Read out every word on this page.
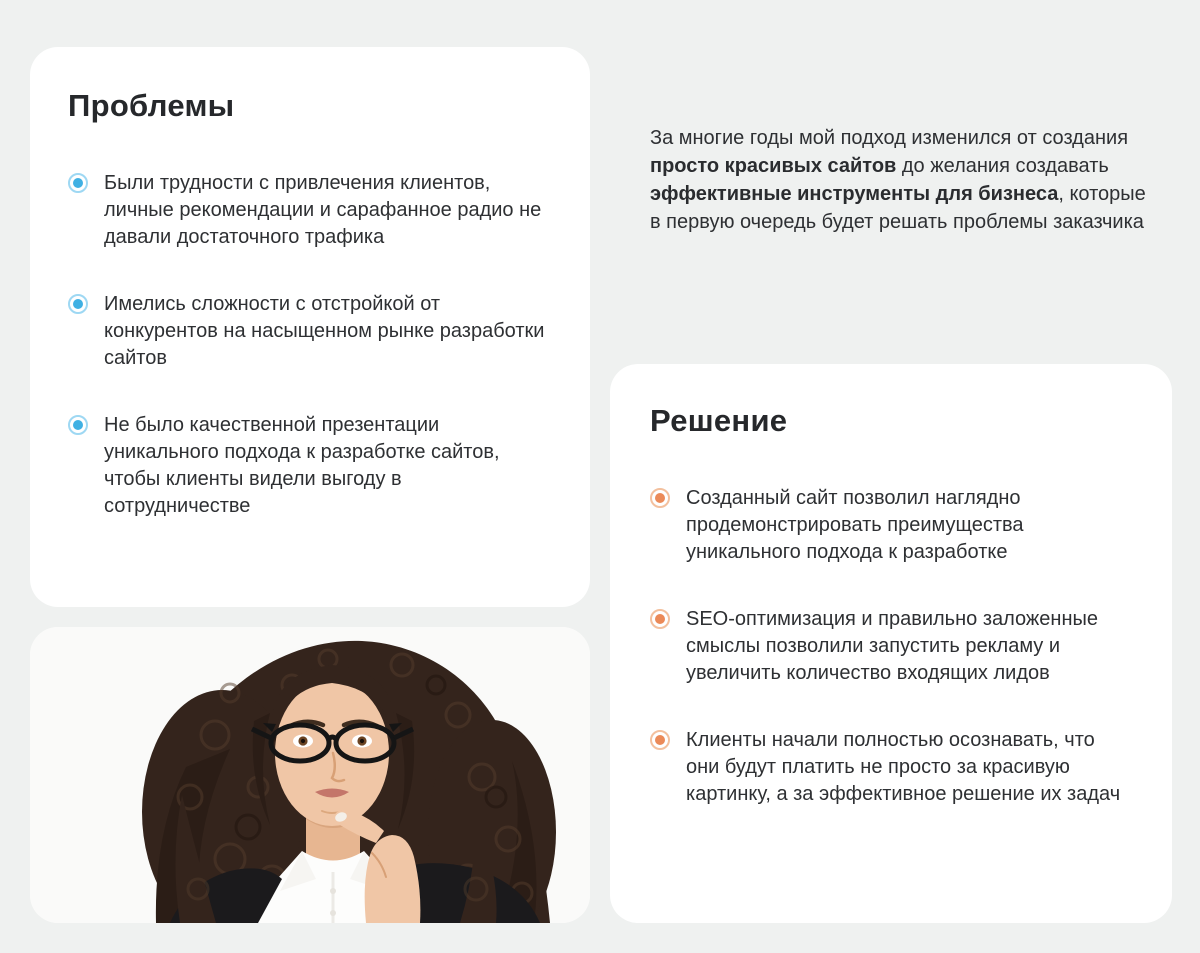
Проблемы
Были трудности с привлечения клиентов, личные рекомендации и сарафанное радио не давали достаточного трафика
Имелись сложности с отстройкой от конкурентов на насыщенном рынке разработки сайтов
Не было качественной презентации уникального подхода к разработке сайтов, чтобы клиенты видели выгоду в сотрудничестве

За многие годы мой подход изменился от создания просто красивых сайтов до желания создавать эффективные инструменты для бизнеса, которые в первую очередь будет решать проблемы заказчика

Решение
Созданный сайт позволил наглядно продемонстрировать преимущества уникального подхода к разработке
SEO-оптимизация и правильно заложенные смыслы позволили запустить рекламу и увеличить количество входящих лидов
Клиенты начали полностью осознавать, что они будут платить не просто за красивую картинку, а за эффективное решение их задач
